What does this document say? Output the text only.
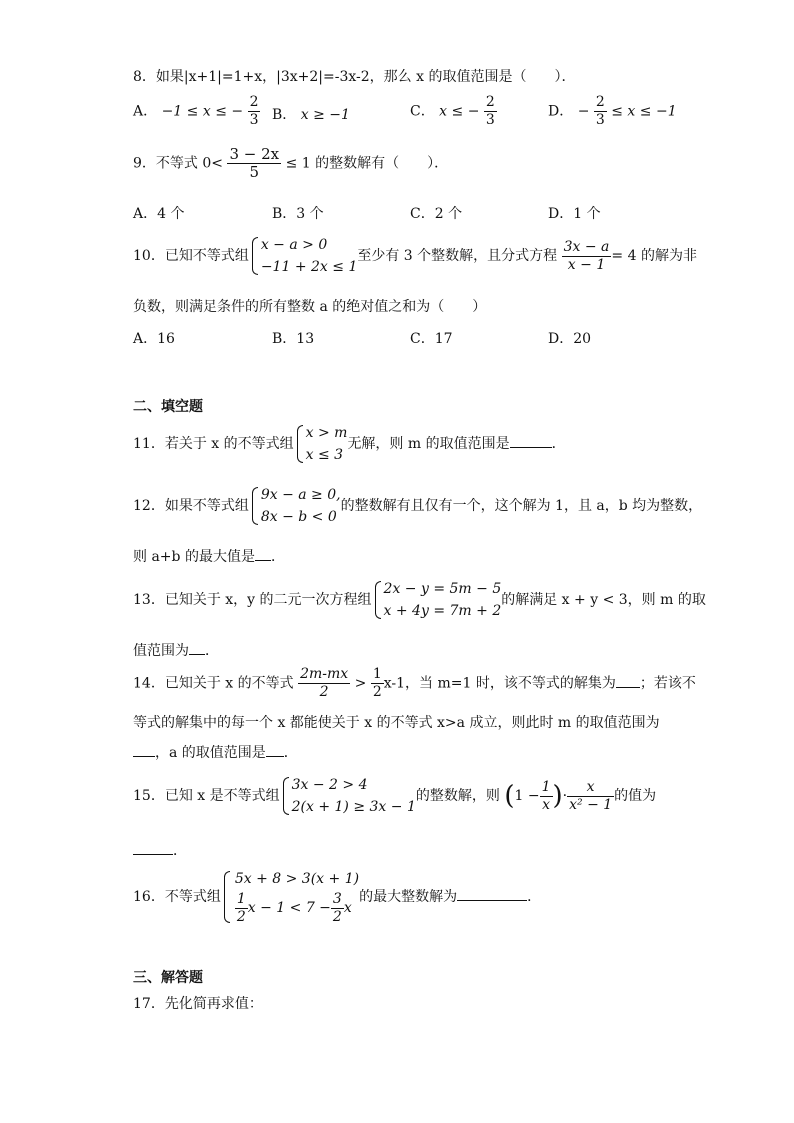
8．如果|x+1|=1+x，|3x+2|=-3x-2，那么 x 的取值范围是（　　）．
A． −1 ≤ x ≤ − $\frac{2}{3}$ B． x ≥ −1	C． x ≤ − $\frac{2}{3}$	D． − $\frac{2}{3} \le x \le -1$
9．不等式 $0< \frac{3 - 2x}{5} \le 1$ 的整数解有（　　）．
A．4 个	B．3 个	C．2 个	D．1 个
10．已知不等式组
x − a > 0
−11 + 2x ≤ 1
至少有 3 个整数解，且分式方程 $\frac{3x - a}{x - 1} = 4$ 的解为非
负数，则满足条件的所有整数 a 的绝对值之和为（　　）
A．16	B．13	C．17	D．20
二、填空题
11．若关于 x 的不等式组
x > m
x ≤ 3
无解，则 m 的取值范围是	．
12．如果不等式组
9x − a ≥ 0,
8x − b < 0
的整数解有且仅有一个，这个解为 1，且 a，b 均为整数，
则 a+b 的最大值是 ．
13．已知关于 x，y 的二元一次方程组
2x − y = 5m − 5
x + 4y = 7m + 2
的解满足 x + y < 3，则 m 的取
值范围为 ．
14．已知关于 x 的不等式 $\frac{2m-mx}{2} > \frac{1}{2} x-1$，当 m=1 时，该不等式的解集为 ；若该不
等式的解集中的每一个 x 都能使关于 x 的不等式 x>a 成立，则此时 m 的取值范围为
，a 的取值范围是 ．
15．已知 x 是不等式组
3x − 2 > 4
2(x + 1) ≥ 3x − 1
的整数解，则 ($1 - \frac{1}{x}$ )· $\frac{x}{\text{x² − 1}}$ 的值为
．
16．不等式组
5x + 8 > 3(x + 1)
$\frac{1}{2}$ $x - 1 < 7 - \frac{3}{2}$ x
的最大整数解为	．
三、解答题
17．先化简再求值：
